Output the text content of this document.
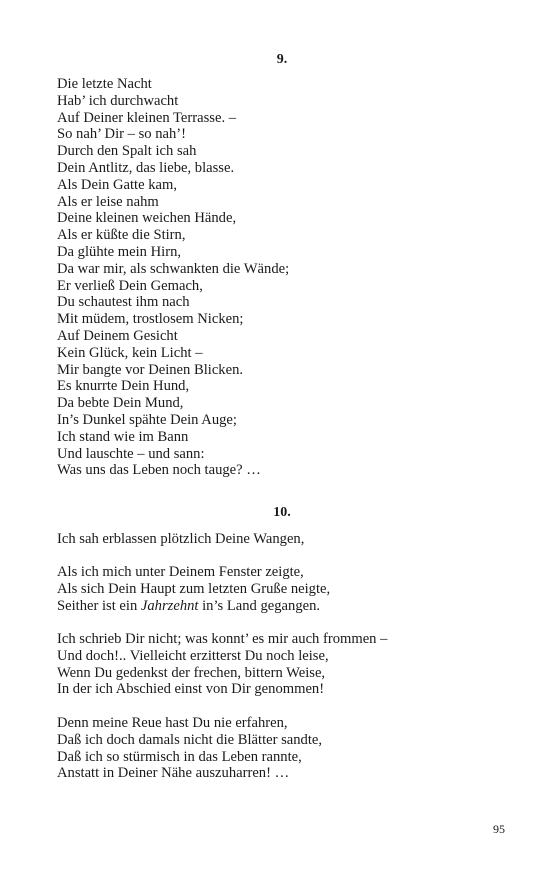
9.
Die letzte Nacht
Hab’ ich durchwacht
Auf Deiner kleinen Terrasse. –
So nah’ Dir – so nah’!
Durch den Spalt ich sah
Dein Antlitz, das liebe, blasse.
Als Dein Gatte kam,
Als er leise nahm
Deine kleinen weichen Hände,
Als er küßte die Stirn,
Da glühte mein Hirn,
Da war mir, als schwankten die Wände;
Er verließ Dein Gemach,
Du schautest ihm nach
Mit müdem, trostlosem Nicken;
Auf Deinem Gesicht
Kein Glück, kein Licht –
Mir bangte vor Deinen Blicken.
Es knurrte Dein Hund,
Da bebte Dein Mund,
In’s Dunkel spähte Dein Auge;
Ich stand wie im Bann
Und lauschte – und sann:
Was uns das Leben noch tauge? …
10.
Ich sah erblassen plötzlich Deine Wangen,
Als ich mich unter Deinem Fenster zeigte,
Als sich Dein Haupt zum letzten Gruße neigte,
Seither ist ein Jahrzehnt in’s Land gegangen.
Ich schrieb Dir nicht; was konnt’ es mir auch frommen –
Und doch!.. Vielleicht erzitterst Du noch leise,
Wenn Du gedenkst der frechen, bittern Weise,
In der ich Abschied einst von Dir genommen!
Denn meine Reue hast Du nie erfahren,
Daß ich doch damals nicht die Blätter sandte,
Daß ich so stürmisch in das Leben rannte,
Anstatt in Deiner Nähe auszuharren! …
95
